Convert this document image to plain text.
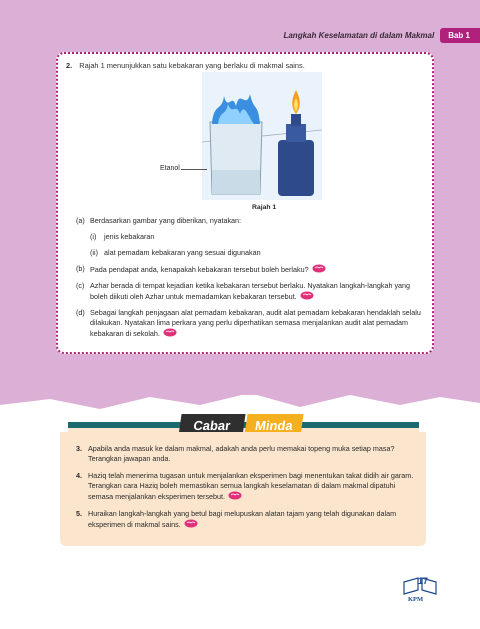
Langkah Keselamatan di dalam Makmal	Bab 1
2. Rajah 1 menunjukkan satu kebakaran yang berlaku di makmal sains.
Etanol
Rajah 1
(a) Berdasarkan gambar yang diberikan, nyatakan:
(i)	jenis kebakaran
(ii) alat pemadam kebakaran yang sesuai digunakan
(b) Pada pendapat anda, kenapakah kebakaran tersebut boleh berlaku?
(c) Azhar berada di tempat kejadian ketika kebakaran tersebut berlaku. Nyatakan langkah-langkah yang boleh diikuti oleh Azhar untuk memadamkan kebakaran tersebut.
(d) Sebagai langkah penjagaan alat pemadam kebakaran, audit alat pemadam kebakaran hendaklah selalu dilakukan. Nyatakan lima perkara yang perlu diperhatikan semasa menjalankan audit alat pemadam kebakaran di sekolah.
Cabar	Minda
3. Apabila anda masuk ke dalam makmal, adakah anda perlu memakai topeng muka setiap masa? Terangkan jawapan anda.
4. Haziq telah menerima tugasan untuk menjalankan eksperimen bagi menentukan takat didih air garam. Terangkan cara Haziq boleh memastikan semua langkah keselamatan di dalam makmal dipatuhi semasa menjalankan eksperimen tersebut.
5. Huraikan langkah-langkah yang betul bagi melupuskan alatan tajam yang telah digunakan dalam eksperimen di makmal sains.
17
KPM
